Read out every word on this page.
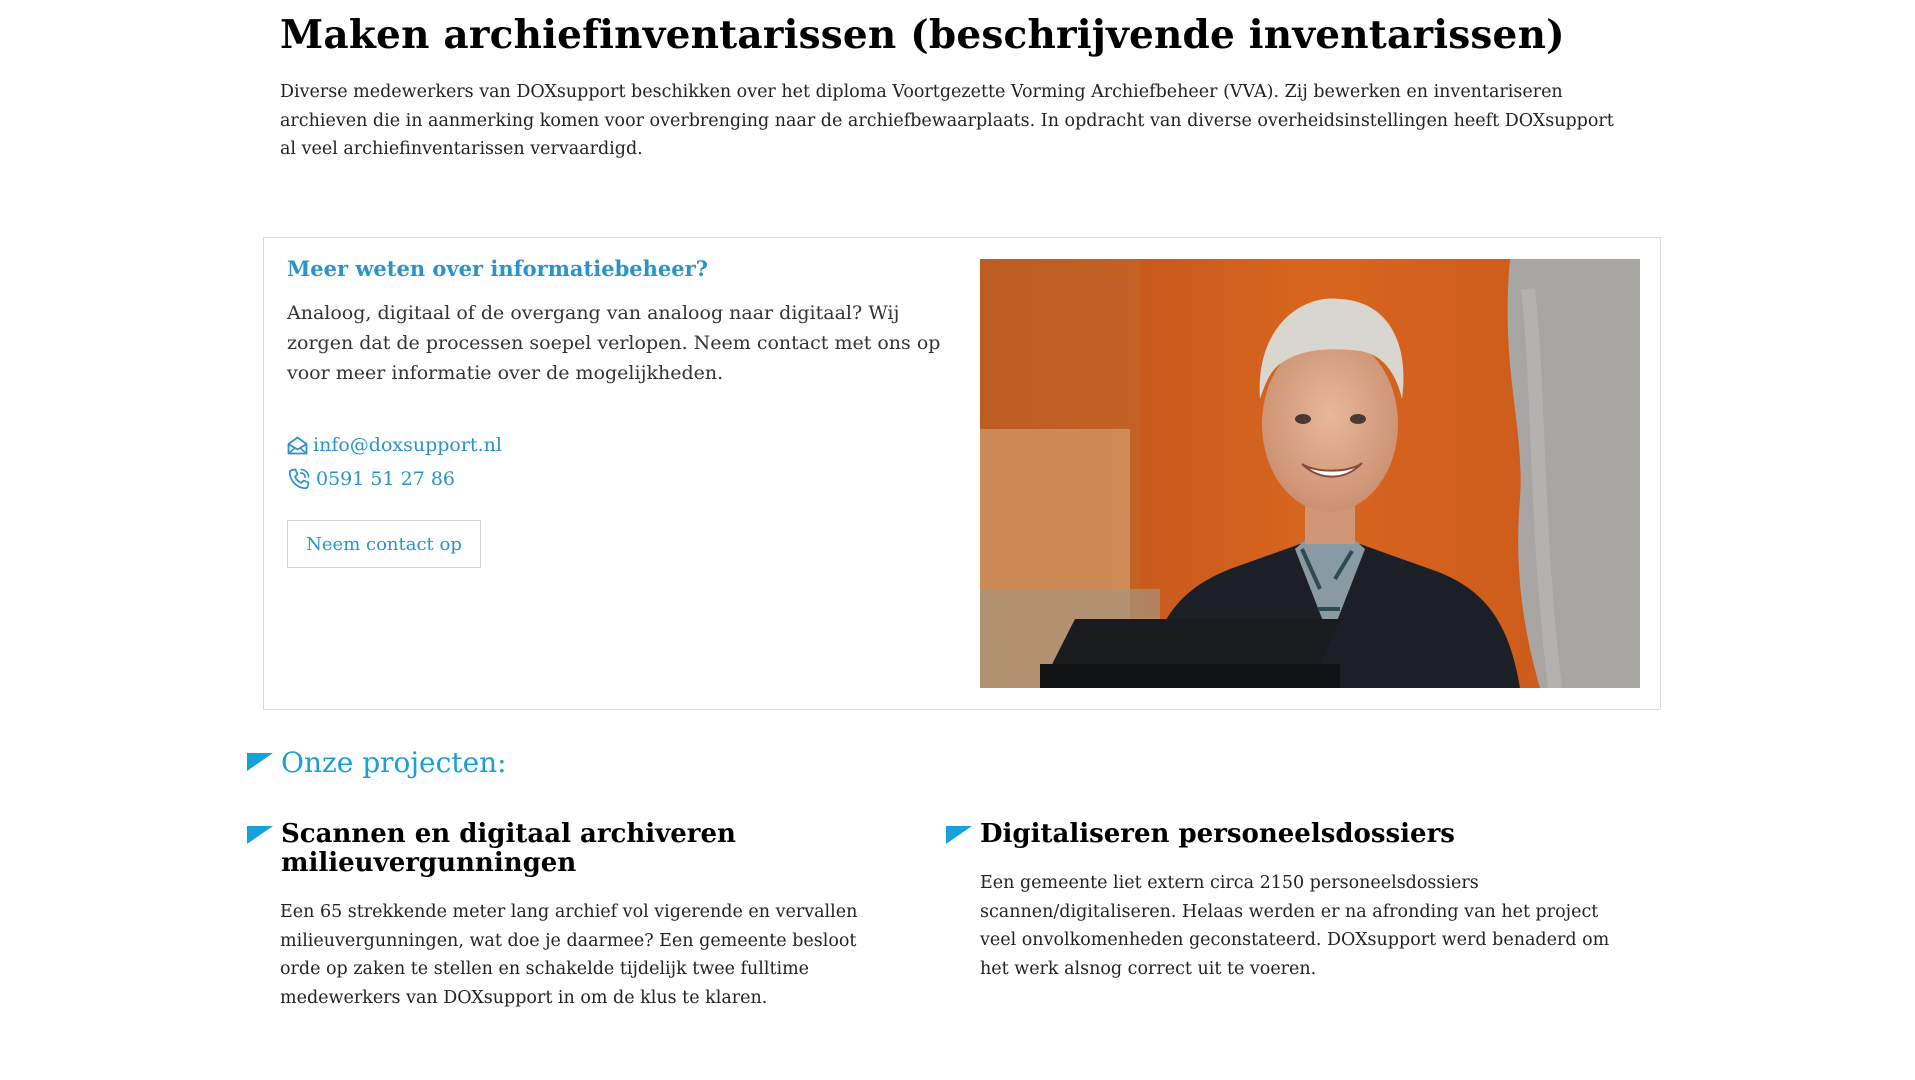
Maken archiefinventarissen (beschrijvende inventarissen)

Diverse medewerkers van DOXsupport beschikken over het diploma Voortgezette Vorming Archiefbeheer (VVA). Zij bewerken en inventariseren archieven die in aanmerking komen voor overbrenging naar de archiefbewaarplaats. In opdracht van diverse overheidsinstellingen heeft DOXsupport al veel archiefinventarissen vervaardigd.

Meer weten over informatiebeheer?

Analoog, digitaal of de overgang van analoog naar digitaal? Wij zorgen dat de processen soepel verlopen. Neem contact met ons op voor meer informatie over de mogelijkheden.

info@doxsupport.nl
0591 51 27 86
Neem contact op
Onze projecten:
Scannen en digitaal archiveren milieuvergunningen

Een 65 strekkende meter lang archief vol vigerende en vervallen milieuvergunningen, wat doe je daarmee? Een gemeente besloot orde op zaken te stellen en schakelde tijdelijk twee fulltime medewerkers van DOXsupport in om de klus te klaren.

Digitaliseren personeelsdossiers

Een gemeente liet extern circa 2150 personeelsdossiers scannen/digitaliseren. Helaas werden er na afronding van het project veel onvolkomenheden geconstateerd. DOXsupport werd benaderd om het werk alsnog correct uit te voeren.
